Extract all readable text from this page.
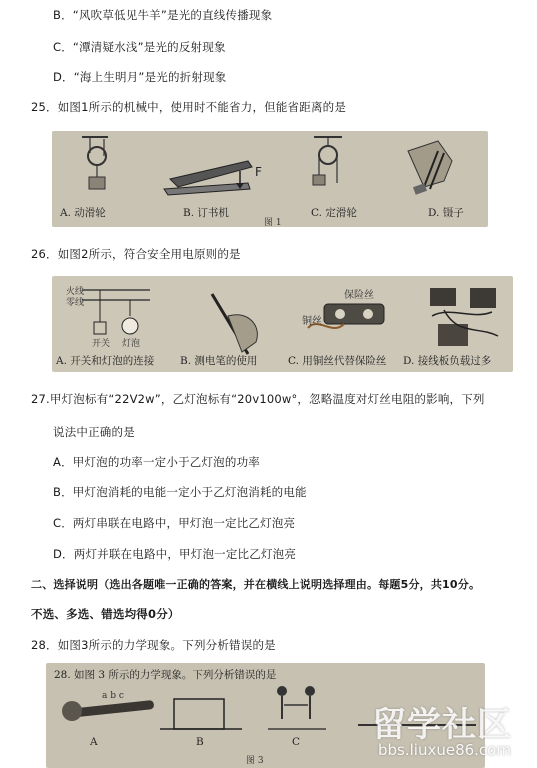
B．“风吹草低见牛羊”是光的直线传播现象
C．“潭清疑水浅”是光的反射现象
D．“海上生明月”是光的折射现象
25．如图1所示的机械中，使用时不能省力，但能省距离的是
F
A. 动滑轮	B. 订书机	C. 定滑轮	D. 镊子
图 1
26．如图2所示，符合安全用电原则的是
火线
零线
开关 灯泡
保险丝
铜丝
A. 开关和灯泡的连接 B. 测电笔的使用	C. 用铜丝代替保险丝 D. 接线板负载过多
27.甲灯泡标有“22V2w”，乙灯泡标有“20v100w°，忽略温度对灯丝电阻的影响，下列
说法中正确的是
A．甲灯泡的功率一定小于乙灯泡的功率
B．甲灯泡消耗的电能一定小于乙灯泡消耗的电能
C．两灯串联在电路中，甲灯泡一定比乙灯泡亮
D．两灯并联在电路中，甲灯泡一定比乙灯泡亮
二、选择说明（选出各题唯一正确的答案，并在横线上说明选择理由。每题5分，共10分。
不选、多选、错选均得0分）
28．如图3所示的力学现象。下列分析错误的是
28. 如图 3 所示的力学现象。下列分析错误的是
a b c
A	B	C
图 3
留学社区
bbs.liuxue86.com
